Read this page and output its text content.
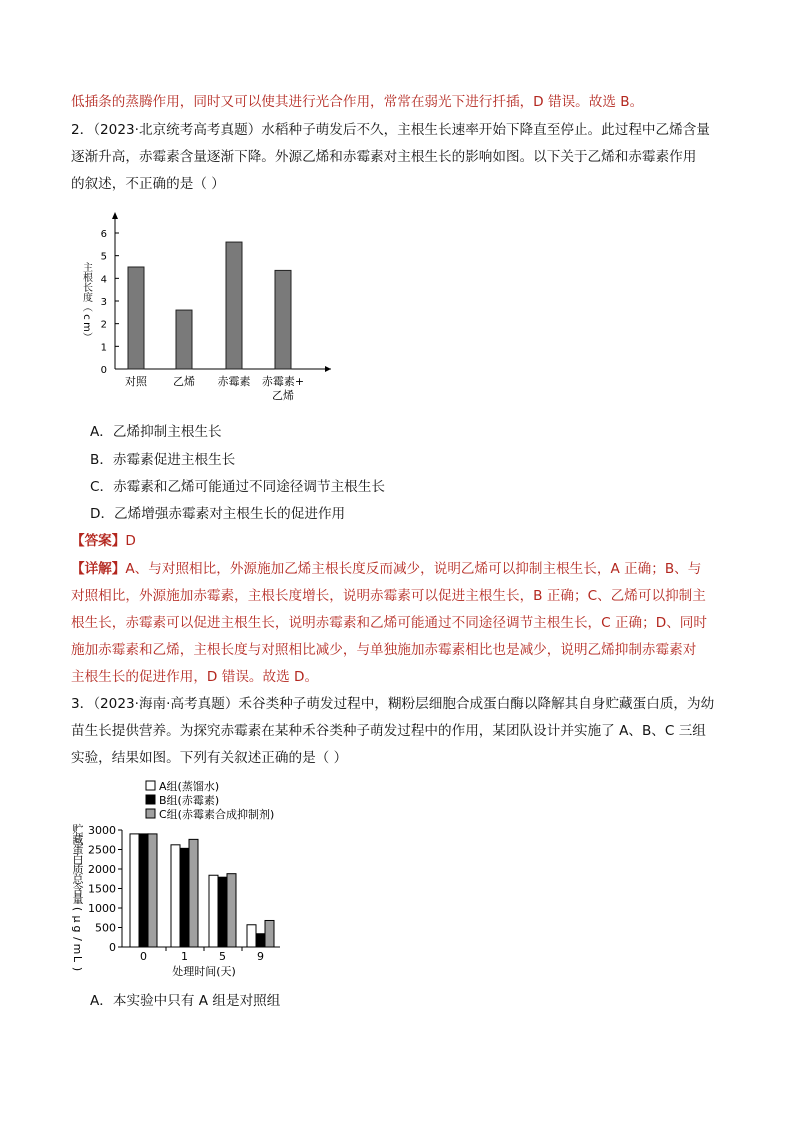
低插条的蒸腾作用，同时又可以使其进行光合作用，常常在弱光下进行扦插，D 错误。故选 B。
2．（2023·北京统考高考真题）水稻种子萌发后不久，主根生长速率开始下降直至停止。此过程中乙烯含量
逐渐升高，赤霉素含量逐渐下降。外源乙烯和赤霉素对主根生长的影响如图。以下关于乙烯和赤霉素作用
的叙述，不正确的是（ ）
0
1
2
3
4
5
6
主
根
长
度
（
c
m
）
对照 乙烯 赤霉素 赤霉素+
乙烯
A．乙烯抑制主根生长
B．赤霉素促进主根生长
C．赤霉素和乙烯可能通过不同途径调节主根生长
D．乙烯增强赤霉素对主根生长的促进作用
【答案】D
【详解】A、与对照相比，外源施加乙烯主根长度反而减少，说明乙烯可以抑制主根生长，A 正确；B、与
对照相比，外源施加赤霉素，主根长度增长，说明赤霉素可以促进主根生长，B 正确；C、乙烯可以抑制主
根生长，赤霉素可以促进主根生长，说明赤霉素和乙烯可能通过不同途径调节主根生长，C 正确；D、同时
施加赤霉素和乙烯，主根长度与对照相比减少，与单独施加赤霉素相比也是减少，说明乙烯抑制赤霉素对
主根生长的促进作用，D 错误。故选 D。
3．（2023·海南·高考真题）禾谷类种子萌发过程中，糊粉层细胞合成蛋白酶以降解其自身贮藏蛋白质，为幼
苗生长提供营养。为探究赤霉素在某种禾谷类种子萌发过程中的作用，某团队设计并实施了 A、B、C 三组
实验，结果如图。下列有关叙述正确的是（ ）
A组(蒸馏水)
B组(赤霉素)
C组(赤霉素合成抑制剂)
0
500
1000
1500
2000
2500
3000
贮
藏
蛋
白
质
总
含
量
(
μ
g
/
m
L
)
0	1	5	9
处理时间(天)
A．本实验中只有 A 组是对照组
